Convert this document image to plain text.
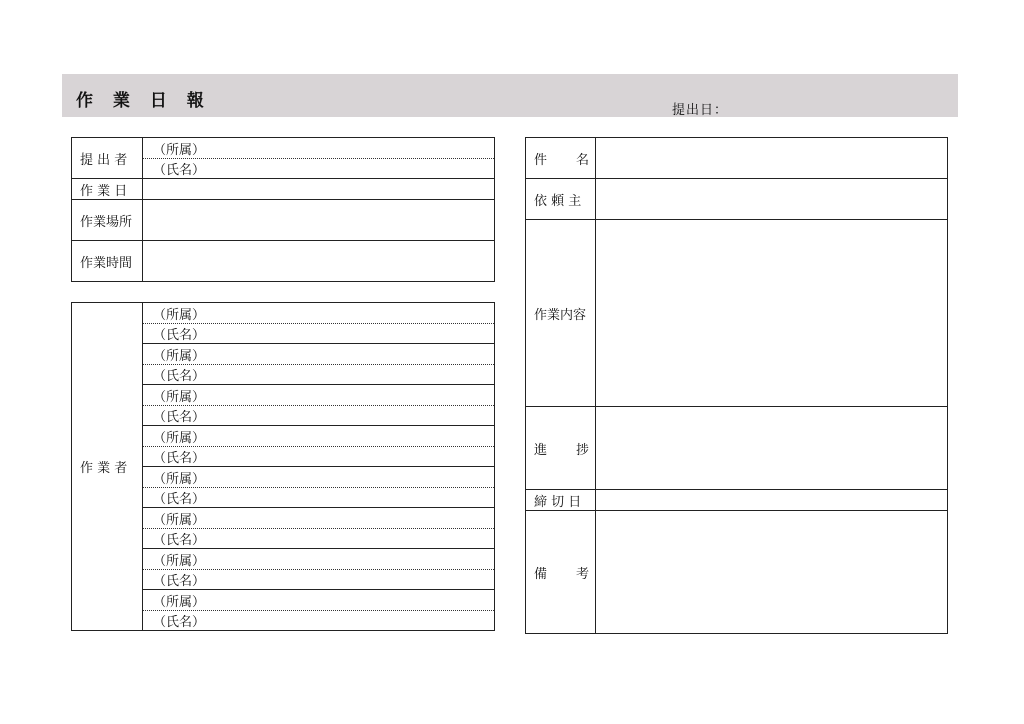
作 業 日 報	提出日：
提 出 者	（所属）
	（氏名）
作 業 日	
作業場所	
作業時間	
作 業 者	（所属）
（氏名）
（所属）
（氏名）
（所属）
（氏名）
（所属）
（氏名）
（所属）
（氏名）
（所属）
（氏名）
（所属）
（氏名）
（所属）
（氏名）
件 名	

依 頼 主	
作業内容	

進 捗	

締 切 日	

備 考	
